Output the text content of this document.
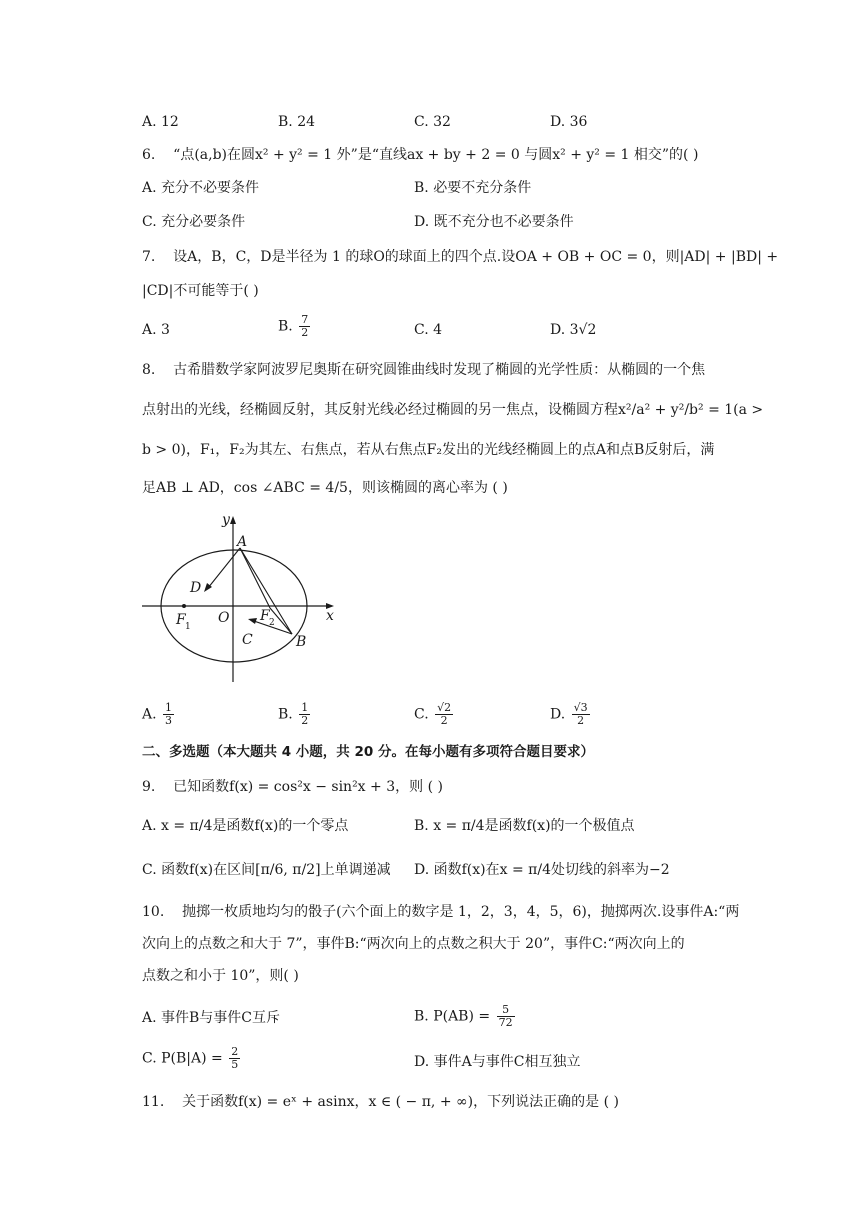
A. 12	B. 24	C. 32	D. 36
6. “点(a,b)在圆x² + y² = 1 外”是“直线ax + by + 2 = 0 与圆x² + y² = 1 相交”的( )
A. 充分不必要条件	B. 必要不充分条件
C. 充分必要条件	D. 既不充分也不必要条件
7. 设A，B，C，D是半径为 1 的球O的球面上的四个点.设OA + OB + OC = 0，则|AD| + |BD| +
|CD|不可能等于( )
A. 3	B. $\frac{7}{2}$	C. 4	D. 3√2
8. 古希腊数学家阿波罗尼奥斯在研究圆锥曲线时发现了椭圆的光学性质：从椭圆的一个焦
点射出的光线，经椭圆反射，其反射光线必经过椭圆的另一焦点，设椭圆方程x²/a² + y²/b² = 1(a >
b > 0)，F₁，F₂为其左、右焦点，若从右焦点F₂发出的光线经椭圆上的点A和点B反射后，满
足AB ⊥ AD，cos ∠ABC = 4/5，则该椭圆的离心率为 ( )
y
x
A
B
C
D
O
F 1
F 2
A. $\frac{1}{3}$	B. $\frac{1}{2}$	C. $\frac{√2}{2}$	D. $\frac{√3}{2}$
二、多选题（本大题共 4 小题，共 20 分。在每小题有多项符合题目要求）
9. 已知函数f(x) = cos²x − sin²x + 3，则 ( )
A. x = π/4是函数f(x)的一个零点	B. x = π/4是函数f(x)的一个极值点
C. 函数f(x)在区间[π/6, π/2]上单调递减 D. 函数f(x)在x = π/4处切线的斜率为−2
10. 抛掷一枚质地均匀的骰子(六个面上的数字是 1，2，3，4，5，6)，抛掷两次.设事件A:“两
次向上的点数之和大于 7”，事件B:“两次向上的点数之积大于 20”，事件C:“两次向上的
点数之和小于 10”，则( )
A. 事件B与事件C互斥	B. $P(AB) = \frac{5}{72}$
C. $P(B|A) = \frac{2}{5}$	D. 事件A与事件C相互独立
11. 关于函数f(x) = eˣ + asinx，x ∈ ( − π, + ∞)，下列说法正确的是 ( )
